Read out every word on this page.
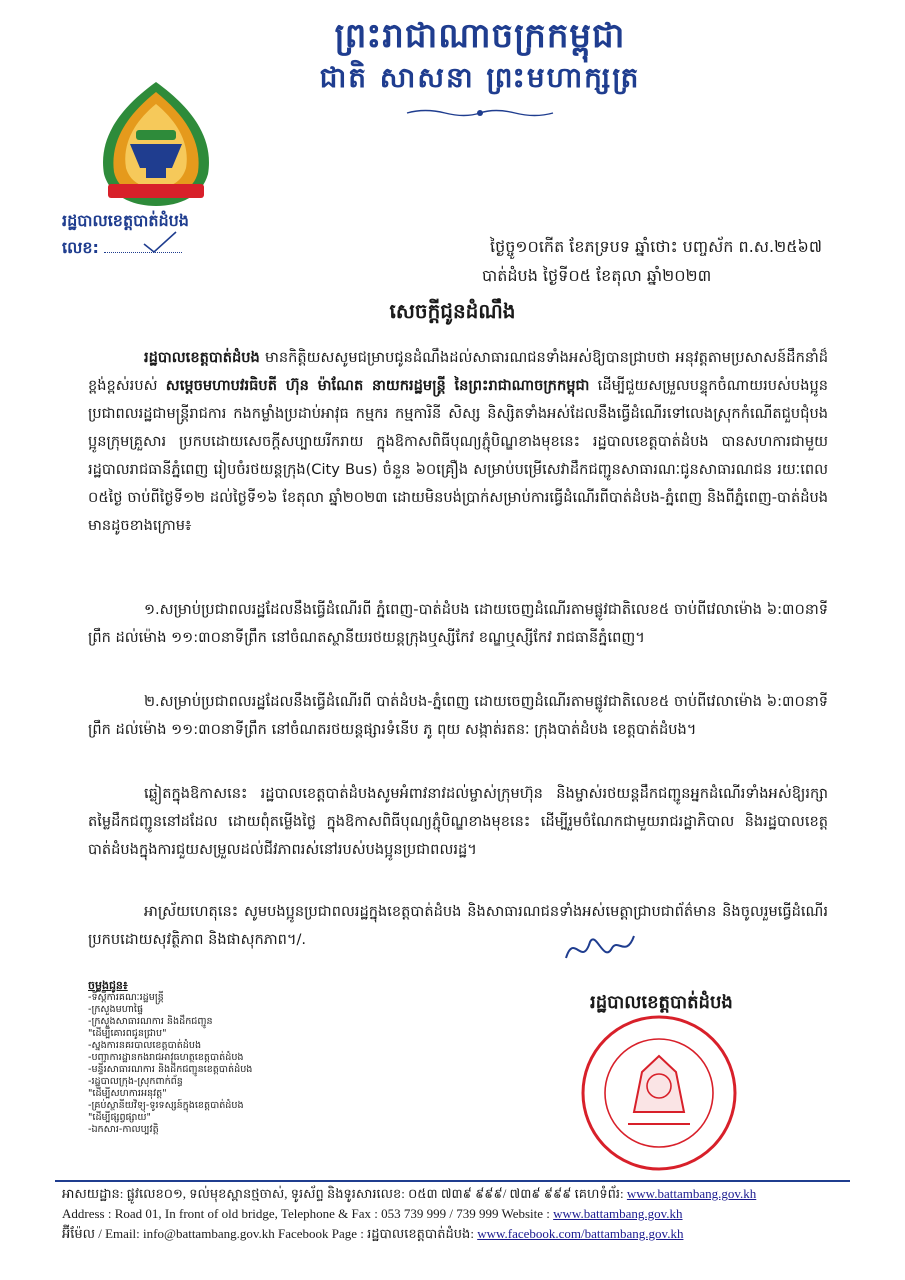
ព្រះរាជាណាចក្រកម្ពុជា
ជាតិ សាសនា ព្រះមហាក្សត្រ
រដ្ឋបាលខេត្តបាត់ដំបង
លេខ:	ថ្ងៃច្ចូ១០កើត ខែភទ្របទ ឆ្នាំថោះ បញ្ចស័ក ព.ស.២៥៦៧
បាត់ដំបង ថ្ងៃទី០៥ ខែតុលា ឆ្នាំ២០២៣
សេចក្តីជូនដំណឹង
រដ្ឋបាលខេត្តបាត់ដំបង មានកិត្តិយសសូមជម្រាបជូនដំណឹងដល់សាធារណជនទាំងអស់ឱ្យបានជ្រាបថា អនុវត្តតាមប្រសាសន៍ដឹកនាំដ៏ខ្ពង់ខ្ពស់របស់ សម្តេចមហាបវរធិបតី ហ៊ុន ម៉ាណែត នាយករដ្ឋមន្ត្រី នៃព្រះរាជាណាចក្រកម្ពុជា ដើម្បីជួយសម្រួលបន្ទុកចំណាយរបស់បងប្អូនប្រជាពលរដ្ឋជាមន្ត្រីរាជការ កងកម្លាំងប្រដាប់អាវុធ កម្មករ កម្មការិនី សិស្ស និស្សិតទាំងអស់ដែលនឹងធ្វើដំណើរទៅលេងស្រុកកំណើតជួបជុំបងប្អូនក្រុមគ្រួសារ ប្រកបដោយសេចក្តីសប្បាយរីករាយ ក្នុងឱកាសពិធីបុណ្យភ្ជុំបិណ្ឌខាងមុខនេះ រដ្ឋបាលខេត្តបាត់ដំបង បានសហការជាមួយ រដ្ឋបាលរាជធានីភ្នំពេញ រៀបចំរថយន្តក្រុង(City Bus) ចំនួន ៦០គ្រឿង សម្រាប់បម្រើសេវាដឹកជញ្ជូនសាធារណៈជូនសាធារណជន រយៈពេល ០៥ថ្ងៃ ចាប់ពីថ្ងៃទី១២ ដល់ថ្ងៃទី១៦ ខែតុលា ឆ្នាំ២០២៣ ដោយមិនបង់ប្រាក់សម្រាប់ការធ្វើដំណើរពីបាត់ដំបង-ភ្នំពេញ និងពីភ្នំពេញ-បាត់ដំបង មានដូចខាងក្រោម៖
១.សម្រាប់ប្រជាពលរដ្ឋដែលនឹងធ្វើដំណើរពី ភ្នំពេញ-បាត់ដំបង ដោយចេញដំណើរតាមផ្លូវជាតិលេខ៥ ចាប់ពីវេលាម៉ោង ៦:៣០នាទីព្រឹក ដល់ម៉ោង ១១:៣០នាទីព្រឹក នៅចំណតស្ថានីយរថយន្តក្រុងឬស្សីកែវ ខណ្ឌឬស្សីកែវ រាជធានីភ្នំពេញ។
២.សម្រាប់ប្រជាពលរដ្ឋដែលនឹងធ្វើដំណើរពី បាត់ដំបង-ភ្នំពេញ ដោយចេញដំណើរតាមផ្លូវជាតិលេខ៥ ចាប់ពីវេលាម៉ោង ៦:៣០នាទីព្រឹក ដល់ម៉ោង ១១:៣០នាទីព្រឹក នៅចំណតរថយន្តផ្សារទំនើប ភូ ពុយ សង្កាត់រតនៈ ក្រុងបាត់ដំបង ខេត្តបាត់ដំបង។
ឆ្លៀតក្នុងឱកាសនេះ រដ្ឋបាលខេត្តបាត់ដំបងសូមអំពាវនាវដល់ម្ចាស់ក្រុមហ៊ុន និងម្ចាស់រថយន្តដឹកជញ្ជូនអ្នកដំណើរទាំងអស់ឱ្យរក្សាតម្លៃដឹកជញ្ជូននៅដដែល ដោយពុំតម្លើងថ្លៃ ក្នុងឱកាសពិធីបុណ្យភ្ជុំបិណ្ឌខាងមុខនេះ ដើម្បីរួមចំណែកជាមួយរាជរដ្ឋាភិបាល និងរដ្ឋបាលខេត្តបាត់ដំបងក្នុងការជួយសម្រួលដល់ជីវភាពរស់នៅរបស់បងប្អូនប្រជាពលរដ្ឋ។
អាស្រ័យហេតុនេះ សូមបងប្អូនប្រជាពលរដ្ឋក្នុងខេត្តបាត់ដំបង និងសាធារណជនទាំងអស់មេត្តាជ្រាបជាព័ត៌មាន និងចូលរួមធ្វើដំណើរប្រកបដោយសុវត្ថិភាព និងផាសុកភាព។/.
ចម្លងជូន៖
-ទីស្តីការគណៈរដ្ឋមន្ត្រី
-ក្រសួងមហាផ្ទៃ
-ក្រសួងសាធារណការ និងដឹកជញ្ជូន
"ដើម្បីគោរពជូនជ្រាប"
-ស្នងការនគរបាលខេត្តបាត់ដំបង
-បញ្ជាការដ្ឋានកងរាជអាវុធហត្ថខេត្តបាត់ដំបង
-មន្ទីរសាធារណការ និងដឹកជញ្ជូនខេត្តបាត់ដំបង
-រដ្ឋបាលក្រុង-ស្រុកពាក់ព័ន្ធ
"ដើម្បីសហការអនុវត្ត"
-គ្រប់ស្ថានីយវិទ្យុ-ទូរទស្សន៍ក្នុងខេត្តបាត់ដំបង
"ដើម្បីផ្សព្វផ្សាយ"
-ឯកសារ-កាលប្បវត្តិ
រដ្ឋបាលខេត្តបាត់ដំបង
អាសយដ្ឋាន: ផ្លូវលេខ០១, ទល់មុខស្ពានថ្មចាស់, ទូរស័ព្ទ និងទូរសារលេខ: ០៥៣ ៧៣៩ ៩៩៩/ ៧៣៩ ៩៩៩ គេហទំព័រ: www.battambang.gov.kh
Address : Road 01, In front of old bridge, Telephone & Fax : 053 739 999 / 739 999 Website : www.battambang.gov.kh
អ៊ីម៉ែល / Email: info@battambang.gov.kh Facebook Page : រដ្ឋបាលខេត្តបាត់ដំបង: www.facebook.com/battambang.gov.kh
